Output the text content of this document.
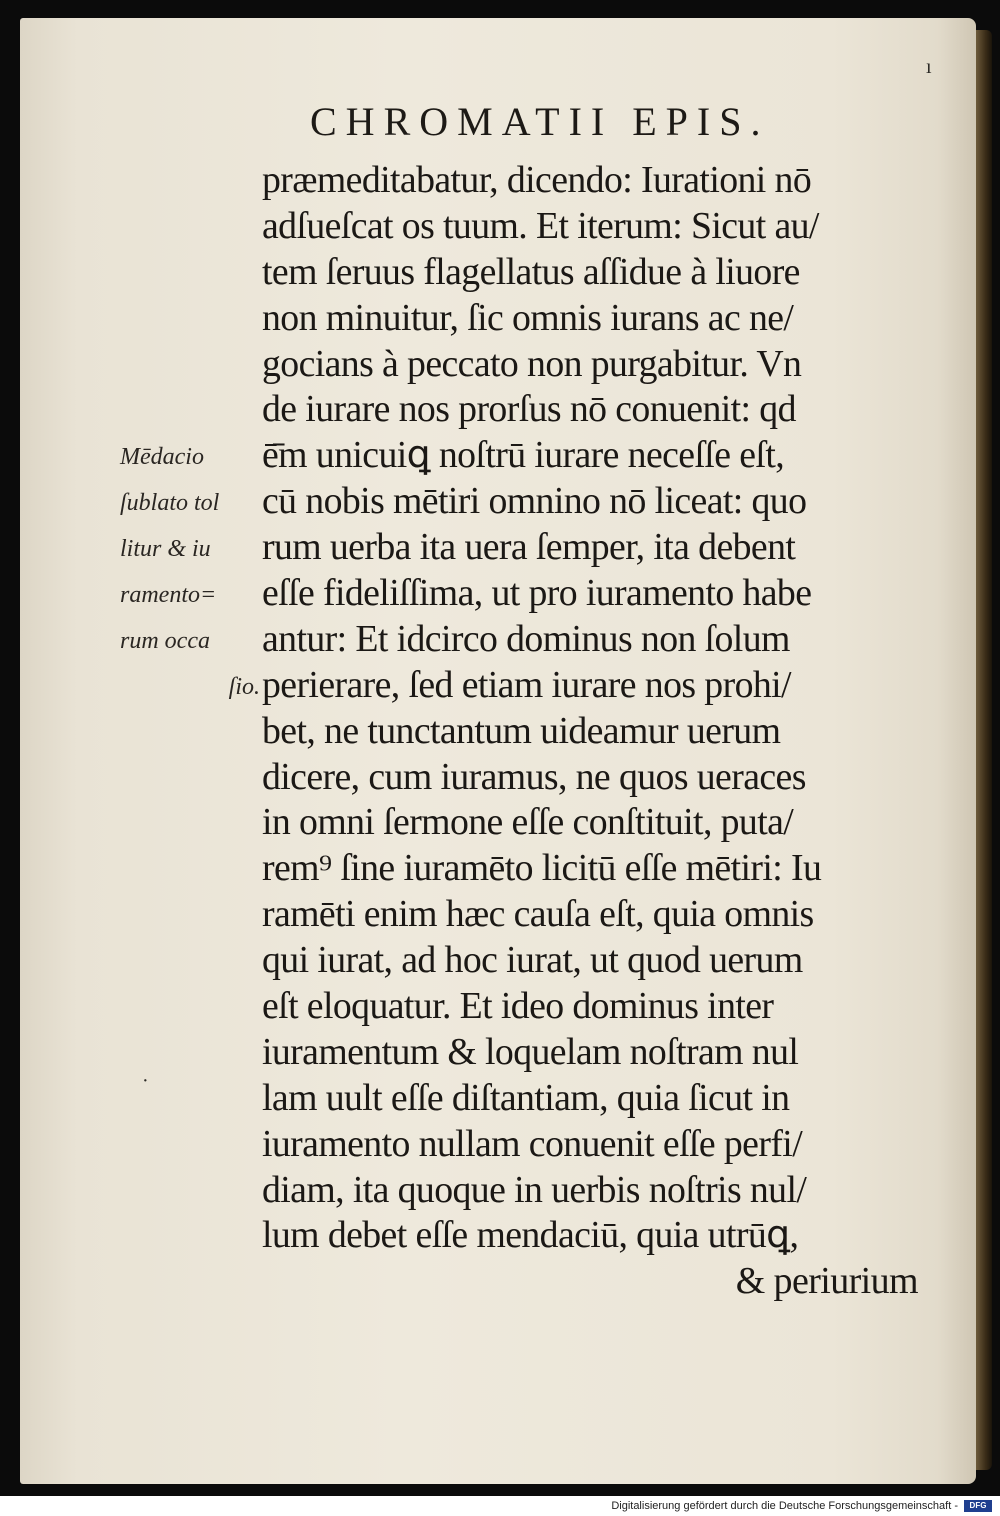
CHROMATII EPIS.
Mēdacio
ſublato tol
litur & iu
ramento=
rum occa
ſio.
præmeditabatur, dicendo: Iurationi nō
adſueſcat os tuum. Et iterum: Sicut au/
tem ſeruus flagellatus aſſidue à liuore
non minuitur, ſic omnis iurans ac ne/
gocians à peccato non purgabitur. Vn
de iurare nos prorſus nō conuenit: qd
ē̄m unicuiꝗ noſtrū iurare neceſſe eſt,
cū nobis mētiri omnino nō liceat: quo
rum uerba ita uera ſemper, ita debent
eſſe fideliſſima, ut pro iuramento habe
antur: Et idcirco dominus non ſolum
perierare, ſed etiam iurare nos prohi/
bet, ne tunctantum uideamur uerum
dicere, cum iuramus, ne quos ueraces
in omni ſermone eſſe conſtituit, puta/
rem⁹ ſine iuramēto licitū eſſe mētiri: Iu
ramēti enim hæc cauſa eſt, quia omnis
qui iurat, ad hoc iurat, ut quod uerum
eſt eloquatur. Et ideo dominus inter
iuramentum & loquelam noſtram nul
lam uult eſſe diſtantiam, quia ſicut in
iuramento nullam conuenit eſſe perfi/
diam, ita quoque in uerbis noſtris nul/
lum debet eſſe mendaciū, quia utrūꝗ,
& periurium
·
ı
Digitalisierung gefördert durch die Deutsche Forschungsgemeinschaft -	DFG
